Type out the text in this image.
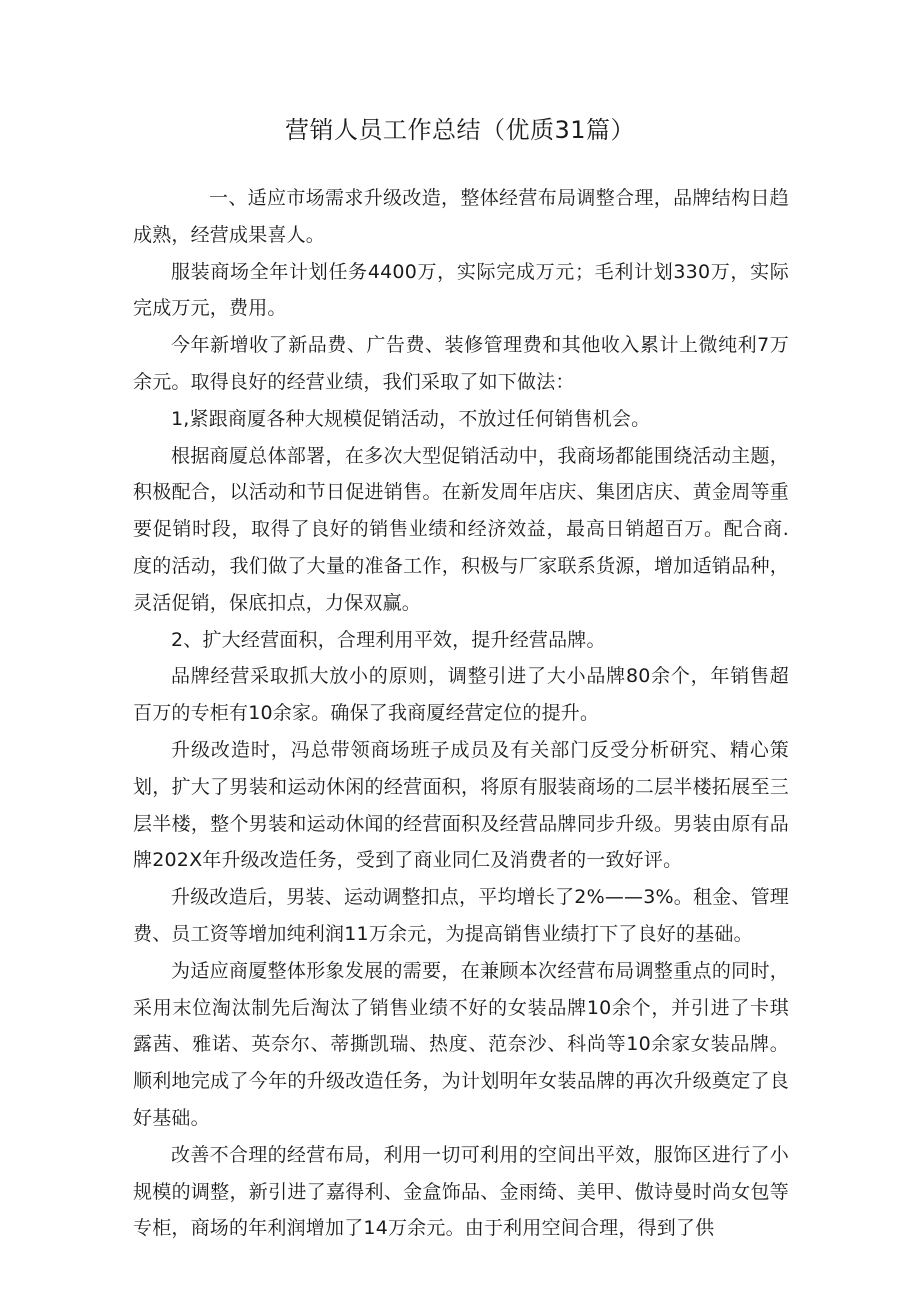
营销人员工作总结（优质31篇）

一、适应市场需求升级改造，整体经营布局调整合理，品牌结构日趋成熟，经营成果喜人。

服装商场全年计划任务4400万，实际完成万元；毛利计划330万，实际完成万元，费用。

今年新增收了新品费、广告费、装修管理费和其他收入累计上微纯利7万余元。取得良好的经营业绩，我们采取了如下做法：

1,紧跟商厦各种大规模促销活动，不放过任何销售机会。

根据商厦总体部署，在多次大型促销活动中，我商场都能围绕活动主题，积极配合，以活动和节日促进销售。在新发周年店庆、集团店庆、黄金周等重要促销时段，取得了良好的销售业绩和经济效益，最高日销超百万。配合商.度的活动，我们做了大量的准备工作，积极与厂家联系货源，增加适销品种，灵活促销，保底扣点，力保双赢。

2、扩大经营面积，合理利用平效，提升经营品牌。

品牌经营采取抓大放小的原则，调整引进了大小品牌80余个，年销售超百万的专柜有10余家。确保了我商厦经营定位的提升。

升级改造时，冯总带领商场班子成员及有关部门反受分析研究、精心策划，扩大了男装和运动休闲的经营面积，将原有服装商场的二层半楼拓展至三层半楼，整个男装和运动休闻的经营面积及经营品牌同步升级。男装由原有品牌202X年升级改造任务，受到了商业同仁及消费者的一致好评。

升级改造后，男装、运动调整扣点，平均增长了2%——3%。租金、管理费、员工资等增加纯利润11万余元，为提高销售业绩打下了良好的基础。

为适应商厦整体形象发展的需要，在兼顾本次经营布局调整重点的同时，采用末位淘汰制先后淘汰了销售业绩不好的女装品牌10余个，并引进了卡琪露茜、雅诺、英奈尔、蒂撕凯瑞、热度、范奈沙、科尚等10余家女装品牌。顺利地完成了今年的升级改造任务，为计划明年女装品牌的再次升级奠定了良好基础。

改善不合理的经营布局，利用一切可利用的空间出平效，服饰区进行了小规模的调整，新引进了嘉得利、金盒饰品、金雨绮、美甲、傲诗曼时尚女包等专柜，商场的年利润增加了14万余元。由于利用空间合理，得到了供
